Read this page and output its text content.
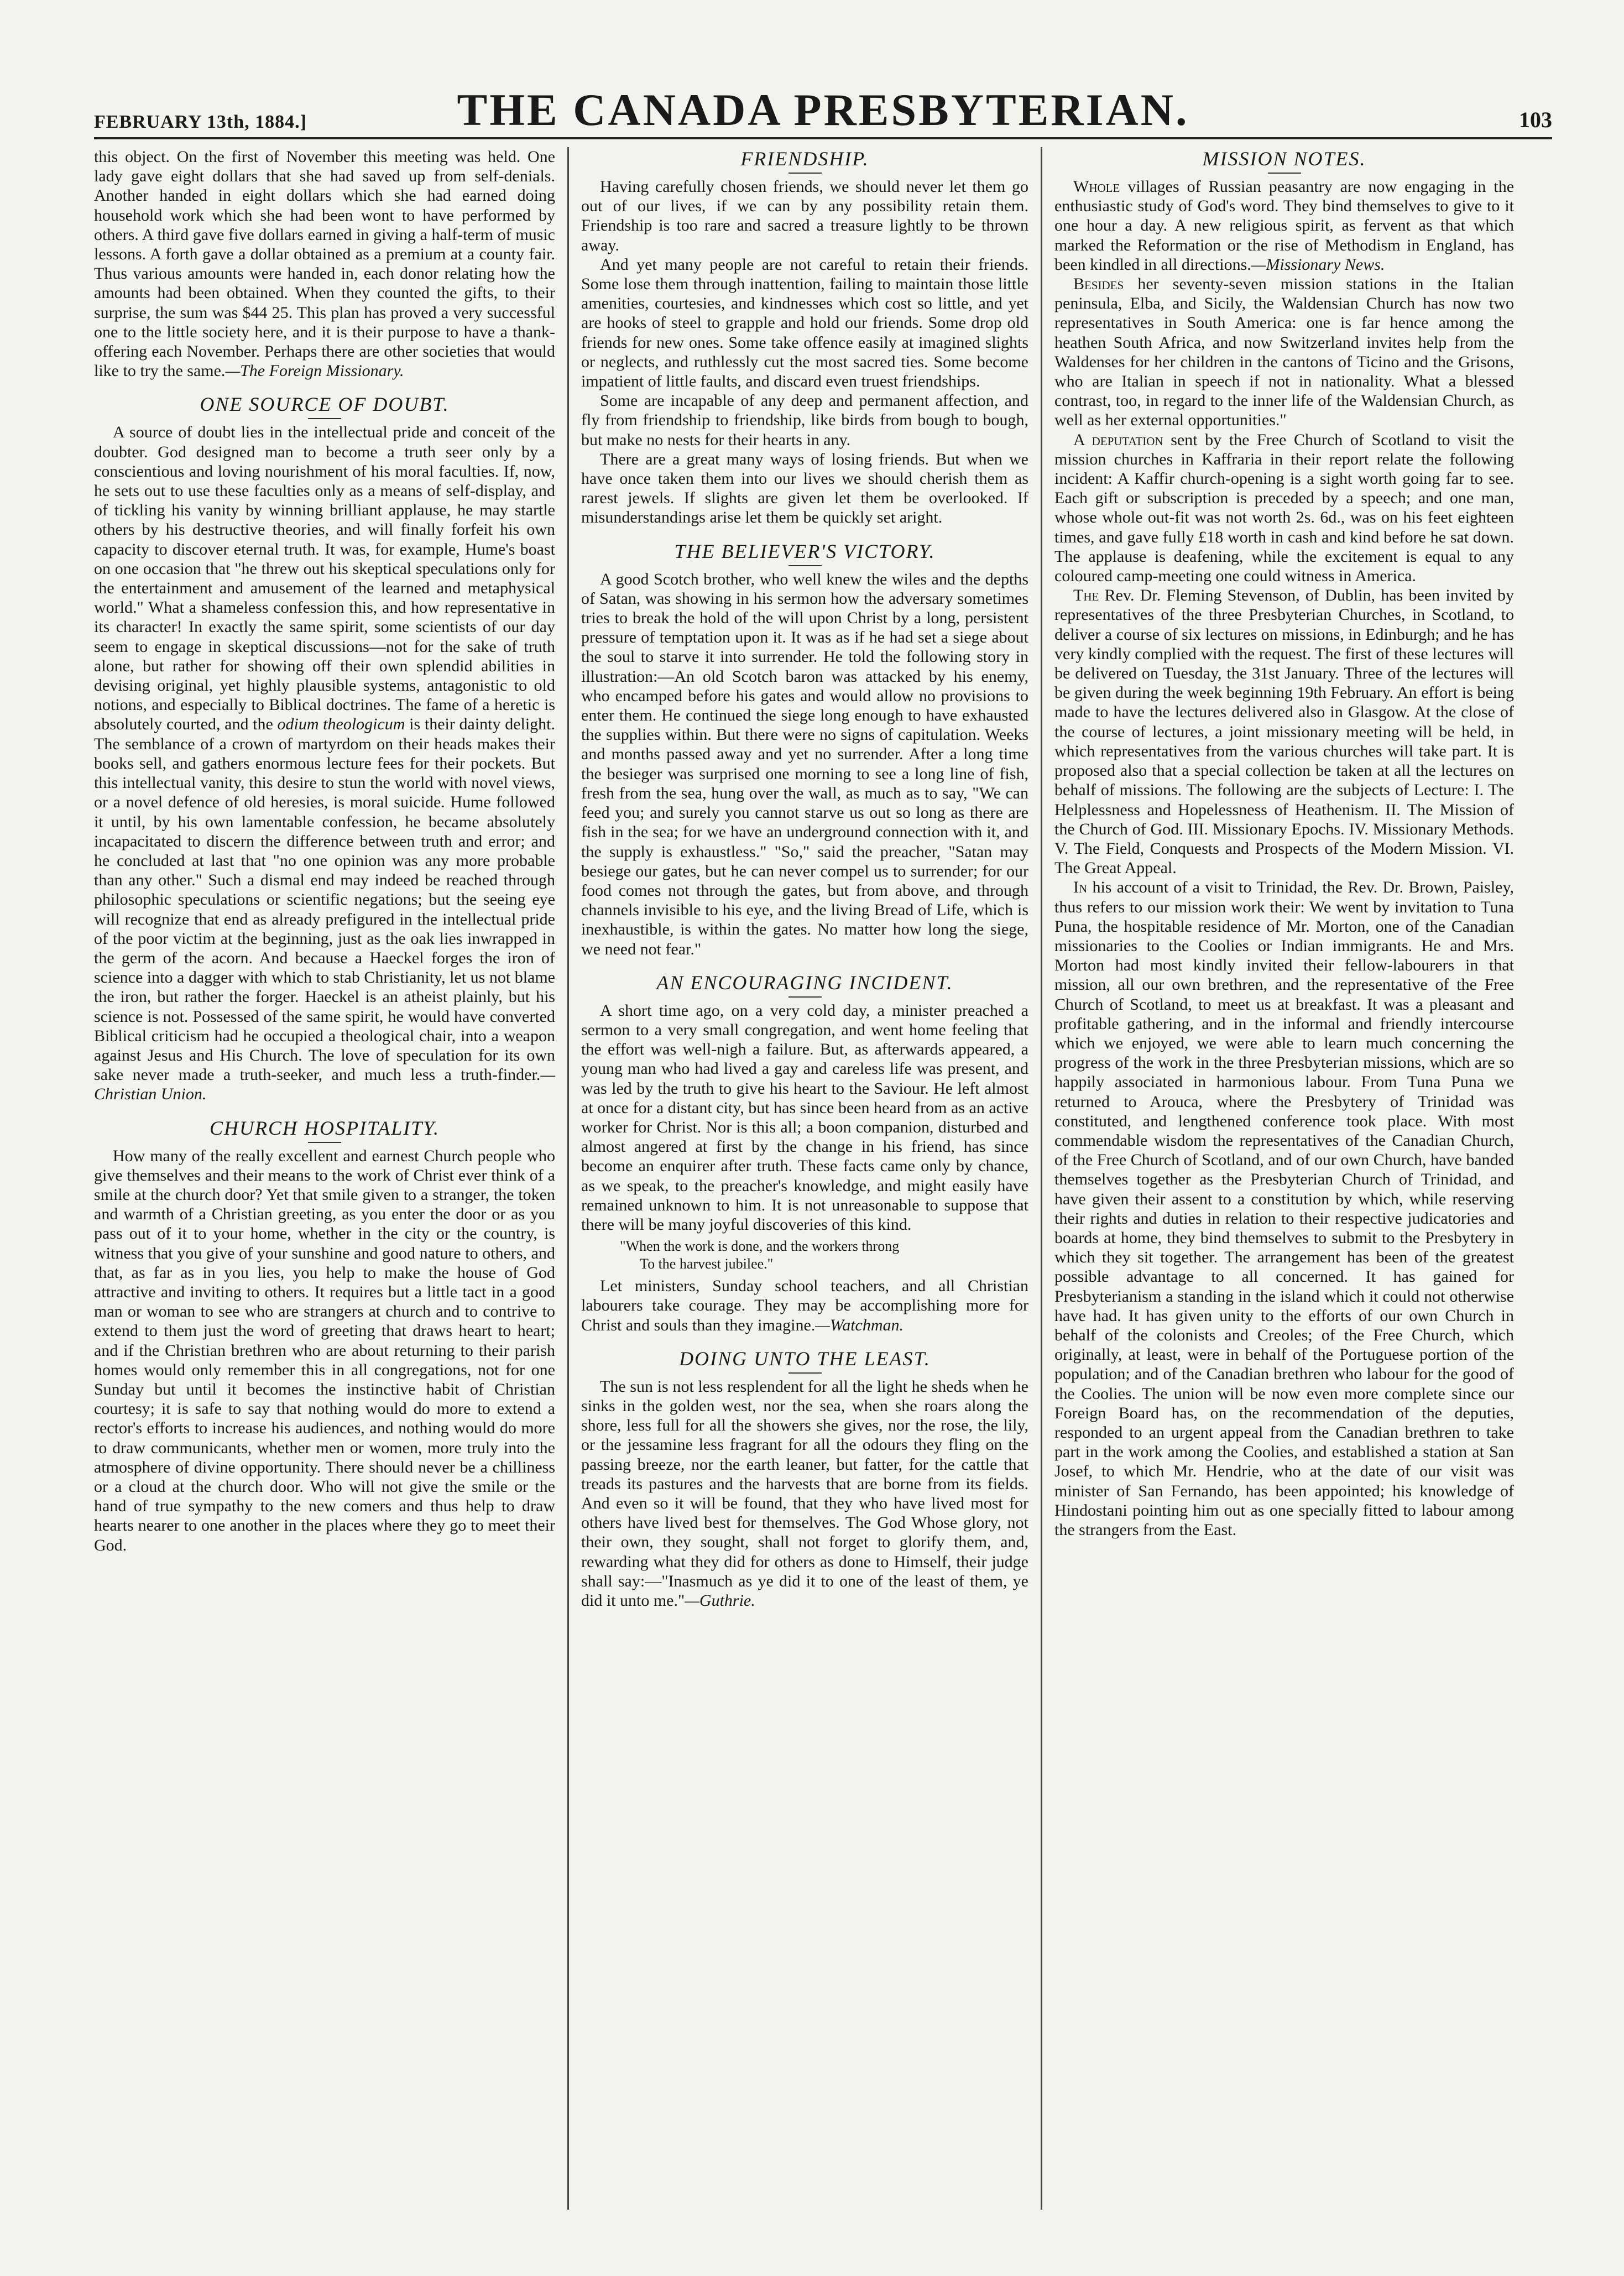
FEBRUARY 13th, 1884.]	THE CANADA PRESBYTERIAN.	103

this object. On the first of November this meeting was held. One lady gave eight dollars that she had saved up from self-denials. Another handed in eight dollars which she had earned doing household work which she had been wont to have performed by others. A third gave five dollars earned in giving a half-term of music lessons. A forth gave a dollar obtained as a premium at a county fair. Thus various amounts were handed in, each donor relating how the amounts had been obtained. When they counted the gifts, to their surprise, the sum was $44 25. This plan has proved a very successful one to the little society here, and it is their purpose to have a thank-offering each November. Perhaps there are other societies that would like to try the same.—The Foreign Missionary.

ONE SOURCE OF DOUBT.

A source of doubt lies in the intellectual pride and conceit of the doubter. God designed man to become a truth seer only by a conscientious and loving nourishment of his moral faculties. If, now, he sets out to use these faculties only as a means of self-display, and of tickling his vanity by winning brilliant applause, he may startle others by his destructive theories, and will finally forfeit his own capacity to discover eternal truth. It was, for example, Hume's boast on one occasion that "he threw out his skeptical speculations only for the entertainment and amusement of the learned and metaphysical world." What a shameless confession this, and how representative in its character! In exactly the same spirit, some scientists of our day seem to engage in skeptical discussions—not for the sake of truth alone, but rather for showing off their own splendid abilities in devising original, yet highly plausible systems, antagonistic to old notions, and especially to Biblical doctrines. The fame of a heretic is absolutely courted, and the odium theologicum is their dainty delight. The semblance of a crown of martyrdom on their heads makes their books sell, and gathers enormous lecture fees for their pockets. But this intellectual vanity, this desire to stun the world with novel views, or a novel defence of old heresies, is moral suicide. Hume followed it until, by his own lamentable confession, he became absolutely incapacitated to discern the difference between truth and error; and he concluded at last that "no one opinion was any more probable than any other." Such a dismal end may indeed be reached through philosophic speculations or scientific negations; but the seeing eye will recognize that end as already prefigured in the intellectual pride of the poor victim at the beginning, just as the oak lies inwrapped in the germ of the acorn. And because a Haeckel forges the iron of science into a dagger with which to stab Christianity, let us not blame the iron, but rather the forger. Haeckel is an atheist plainly, but his science is not. Possessed of the same spirit, he would have converted Biblical criticism had he occupied a theological chair, into a weapon against Jesus and His Church. The love of speculation for its own sake never made a truth-seeker, and much less a truth-finder.—Christian Union.

CHURCH HOSPITALITY.

How many of the really excellent and earnest Church people who give themselves and their means to the work of Christ ever think of a smile at the church door? Yet that smile given to a stranger, the token and warmth of a Christian greeting, as you enter the door or as you pass out of it to your home, whether in the city or the country, is witness that you give of your sunshine and good nature to others, and that, as far as in you lies, you help to make the house of God attractive and inviting to others. It requires but a little tact in a good man or woman to see who are strangers at church and to contrive to extend to them just the word of greeting that draws heart to heart; and if the Christian brethren who are about returning to their parish homes would only remember this in all congregations, not for one Sunday but until it becomes the instinctive habit of Christian courtesy; it is safe to say that nothing would do more to extend a rector's efforts to increase his audiences, and nothing would do more to draw communicants, whether men or women, more truly into the atmosphere of divine opportunity. There should never be a chilliness or a cloud at the church door. Who will not give the smile or the hand of true sympathy to the new comers and thus help to draw hearts nearer to one another in the places where they go to meet their God.

FRIENDSHIP.

Having carefully chosen friends, we should never let them go out of our lives, if we can by any possibility retain them. Friendship is too rare and sacred a treasure lightly to be thrown away.

And yet many people are not careful to retain their friends. Some lose them through inattention, failing to maintain those little amenities, courtesies, and kindnesses which cost so little, and yet are hooks of steel to grapple and hold our friends. Some drop old friends for new ones. Some take offence easily at imagined slights or neglects, and ruthlessly cut the most sacred ties. Some become impatient of little faults, and discard even truest friendships.

Some are incapable of any deep and permanent affection, and fly from friendship to friendship, like birds from bough to bough, but make no nests for their hearts in any.

There are a great many ways of losing friends. But when we have once taken them into our lives we should cherish them as rarest jewels. If slights are given let them be overlooked. If misunderstandings arise let them be quickly set aright.

THE BELIEVER'S VICTORY.

A good Scotch brother, who well knew the wiles and the depths of Satan, was showing in his sermon how the adversary sometimes tries to break the hold of the will upon Christ by a long, persistent pressure of temptation upon it. It was as if he had set a siege about the soul to starve it into surrender. He told the following story in illustration:—An old Scotch baron was attacked by his enemy, who encamped before his gates and would allow no provisions to enter them. He continued the siege long enough to have exhausted the supplies within. But there were no signs of capitulation. Weeks and months passed away and yet no surrender. After a long time the besieger was surprised one morning to see a long line of fish, fresh from the sea, hung over the wall, as much as to say, "We can feed you; and surely you cannot starve us out so long as there are fish in the sea; for we have an underground connection with it, and the supply is exhaustless." "So," said the preacher, "Satan may besiege our gates, but he can never compel us to surrender; for our food comes not through the gates, but from above, and through channels invisible to his eye, and the living Bread of Life, which is inexhaustible, is within the gates. No matter how long the siege, we need not fear."

AN ENCOURAGING INCIDENT.

A short time ago, on a very cold day, a minister preached a sermon to a very small congregation, and went home feeling that the effort was well-nigh a failure. But, as afterwards appeared, a young man who had lived a gay and careless life was present, and was led by the truth to give his heart to the Saviour. He left almost at once for a distant city, but has since been heard from as an active worker for Christ. Nor is this all; a boon companion, disturbed and almost angered at first by the change in his friend, has since become an enquirer after truth. These facts came only by chance, as we speak, to the preacher's knowledge, and might easily have remained unknown to him. It is not unreasonable to suppose that there will be many joyful discoveries of this kind.

"When the work is done, and the workers throng
To the harvest jubilee."

Let ministers, Sunday school teachers, and all Christian labourers take courage. They may be accomplishing more for Christ and souls than they imagine.—Watchman.

DOING UNTO THE LEAST.

The sun is not less resplendent for all the light he sheds when he sinks in the golden west, nor the sea, when she roars along the shore, less full for all the showers she gives, nor the rose, the lily, or the jessamine less fragrant for all the odours they fling on the passing breeze, nor the earth leaner, but fatter, for the cattle that treads its pastures and the harvests that are borne from its fields. And even so it will be found, that they who have lived most for others have lived best for themselves. The God Whose glory, not their own, they sought, shall not forget to glorify them, and, rewarding what they did for others as done to Himself, their judge shall say:—"Inasmuch as ye did it to one of the least of them, ye did it unto me."—Guthrie.

MISSION NOTES.

Whole villages of Russian peasantry are now engaging in the enthusiastic study of God's word. They bind themselves to give to it one hour a day. A new religious spirit, as fervent as that which marked the Reformation or the rise of Methodism in England, has been kindled in all directions.—Missionary News.

Besides her seventy-seven mission stations in the Italian peninsula, Elba, and Sicily, the Waldensian Church has now two representatives in South America: one is far hence among the heathen South Africa, and now Switzerland invites help from the Waldenses for her children in the cantons of Ticino and the Grisons, who are Italian in speech if not in nationality. What a blessed contrast, too, in regard to the inner life of the Waldensian Church, as well as her external opportunities."

A deputation sent by the Free Church of Scotland to visit the mission churches in Kaffraria in their report relate the following incident: A Kaffir church-opening is a sight worth going far to see. Each gift or subscription is preceded by a speech; and one man, whose whole out-fit was not worth 2s. 6d., was on his feet eighteen times, and gave fully £18 worth in cash and kind before he sat down. The applause is deafening, while the excitement is equal to any coloured camp-meeting one could witness in America.

The Rev. Dr. Fleming Stevenson, of Dublin, has been invited by representatives of the three Presbyterian Churches, in Scotland, to deliver a course of six lectures on missions, in Edinburgh; and he has very kindly complied with the request. The first of these lectures will be delivered on Tuesday, the 31st January. Three of the lectures will be given during the week beginning 19th February. An effort is being made to have the lectures delivered also in Glasgow. At the close of the course of lectures, a joint missionary meeting will be held, in which representatives from the various churches will take part. It is proposed also that a special collection be taken at all the lectures on behalf of missions. The following are the subjects of Lecture: I. The Helplessness and Hopelessness of Heathenism. II. The Mission of the Church of God. III. Missionary Epochs. IV. Missionary Methods. V. The Field, Conquests and Prospects of the Modern Mission. VI. The Great Appeal.

In his account of a visit to Trinidad, the Rev. Dr. Brown, Paisley, thus refers to our mission work their: We went by invitation to Tuna Puna, the hospitable residence of Mr. Morton, one of the Canadian missionaries to the Coolies or Indian immigrants. He and Mrs. Morton had most kindly invited their fellow-labourers in that mission, all our own brethren, and the representative of the Free Church of Scotland, to meet us at breakfast. It was a pleasant and profitable gathering, and in the informal and friendly intercourse which we enjoyed, we were able to learn much concerning the progress of the work in the three Presbyterian missions, which are so happily associated in harmonious labour. From Tuna Puna we returned to Arouca, where the Presbytery of Trinidad was constituted, and lengthened conference took place. With most commendable wisdom the representatives of the Canadian Church, of the Free Church of Scotland, and of our own Church, have banded themselves together as the Presbyterian Church of Trinidad, and have given their assent to a constitution by which, while reserving their rights and duties in relation to their respective judicatories and boards at home, they bind themselves to submit to the Presbytery in which they sit together. The arrangement has been of the greatest possible advantage to all concerned. It has gained for Presbyterianism a standing in the island which it could not otherwise have had. It has given unity to the efforts of our own Church in behalf of the colonists and Creoles; of the Free Church, which originally, at least, were in behalf of the Portuguese portion of the population; and of the Canadian brethren who labour for the good of the Coolies. The union will be now even more complete since our Foreign Board has, on the recommendation of the deputies, responded to an urgent appeal from the Canadian brethren to take part in the work among the Coolies, and established a station at San Josef, to which Mr. Hendrie, who at the date of our visit was minister of San Fernando, has been appointed; his knowledge of Hindostani pointing him out as one specially fitted to labour among the strangers from the East.
